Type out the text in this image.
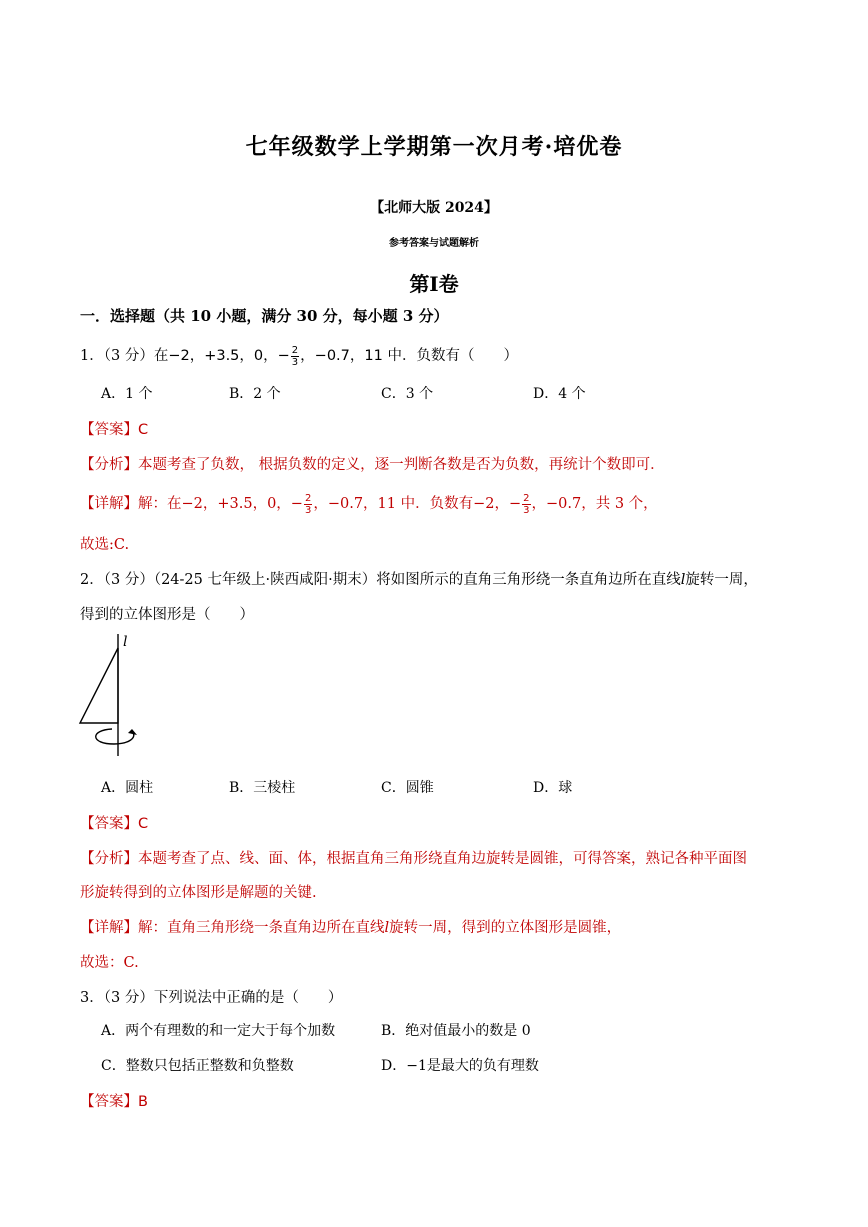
七年级数学上学期第一次月考·培优卷
【北师大版 2024】
参考答案与试题解析
第I卷
一．选择题（共 10 小题，满分 30 分，每小题 3 分）
1．（3 分）在−2，+3.5，0，− $\frac{2}{3}$ ，−0.7，11 中．负数有（　　）
A．1 个	B．2 个	C．3 个	D．4 个
【答案】C
【分析】本题考查了负数， 根据负数的定义，逐一判断各数是否为负数，再统计个数即可．
【详解】解：在−2，+3.5，0，− $\frac{2}{3}$ ，−0.7，11 中．负数有−2，− $\frac{2}{3}$ ，−0.7，共 3 个，
故选:C.
2．（3 分）（24-25 七年级上·陕西咸阳·期末）将如图所示的直角三角形绕一条直角边所在直线l旋转一周，
得到的立体图形是（　　）
l
A．圆柱	B．三棱柱	C．圆锥	D．球
【答案】C
【分析】本题考查了点、线、面、体，根据直角三角形绕直角边旋转是圆锥，可得答案，熟记各种平面图
形旋转得到的立体图形是解题的关键.
【详解】解：直角三角形绕一条直角边所在直线l旋转一周，得到的立体图形是圆锥，
故选：C.
3．（3 分）下列说法中正确的是（　　）
A．两个有理数的和一定大于每个加数	B．绝对值最小的数是 0
C．整数只包括正整数和负整数	D．−1是最大的负有理数
【答案】B
